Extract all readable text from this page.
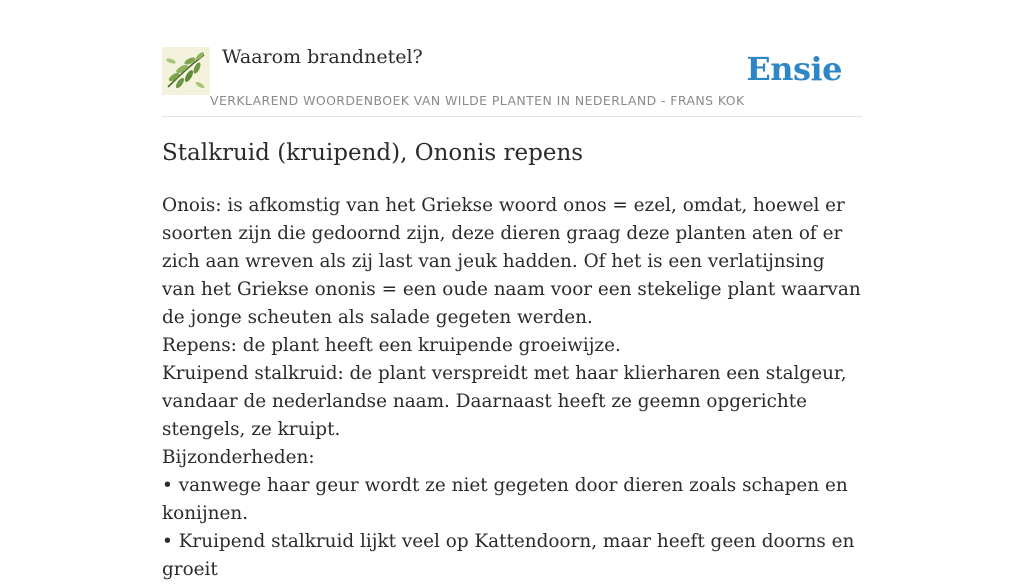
Waarom brandnetel?
VERKLAREND WOORDENBOEK VAN WILDE PLANTEN IN NEDERLAND - FRANS KOK
Ensie
Stalkruid (kruipend), Ononis repens

Onois: is afkomstig van het Griekse woord onos = ezel, omdat, hoewel er soorten zijn die gedoornd zijn, deze dieren graag deze planten aten of er zich aan wreven als zij last van jeuk hadden. Of het is een verlatijnsing van het Griekse ononis = een oude naam voor een stekelige plant waarvan de jonge scheuten als salade gegeten werden.

Repens: de plant heeft een kruipende groeiwijze.

Kruipend stalkruid: de plant verspreidt met haar klierharen een stalgeur, vandaar de nederlandse naam. Daarnaast heeft ze geemn opgerichte stengels, ze kruipt.

Bijzonderheden:

• vanwege haar geur wordt ze niet gegeten door dieren zoals schapen en konijnen.

• Kruipend stalkruid lijkt veel op Kattendoorn, maar heeft geen doorns en groeit
